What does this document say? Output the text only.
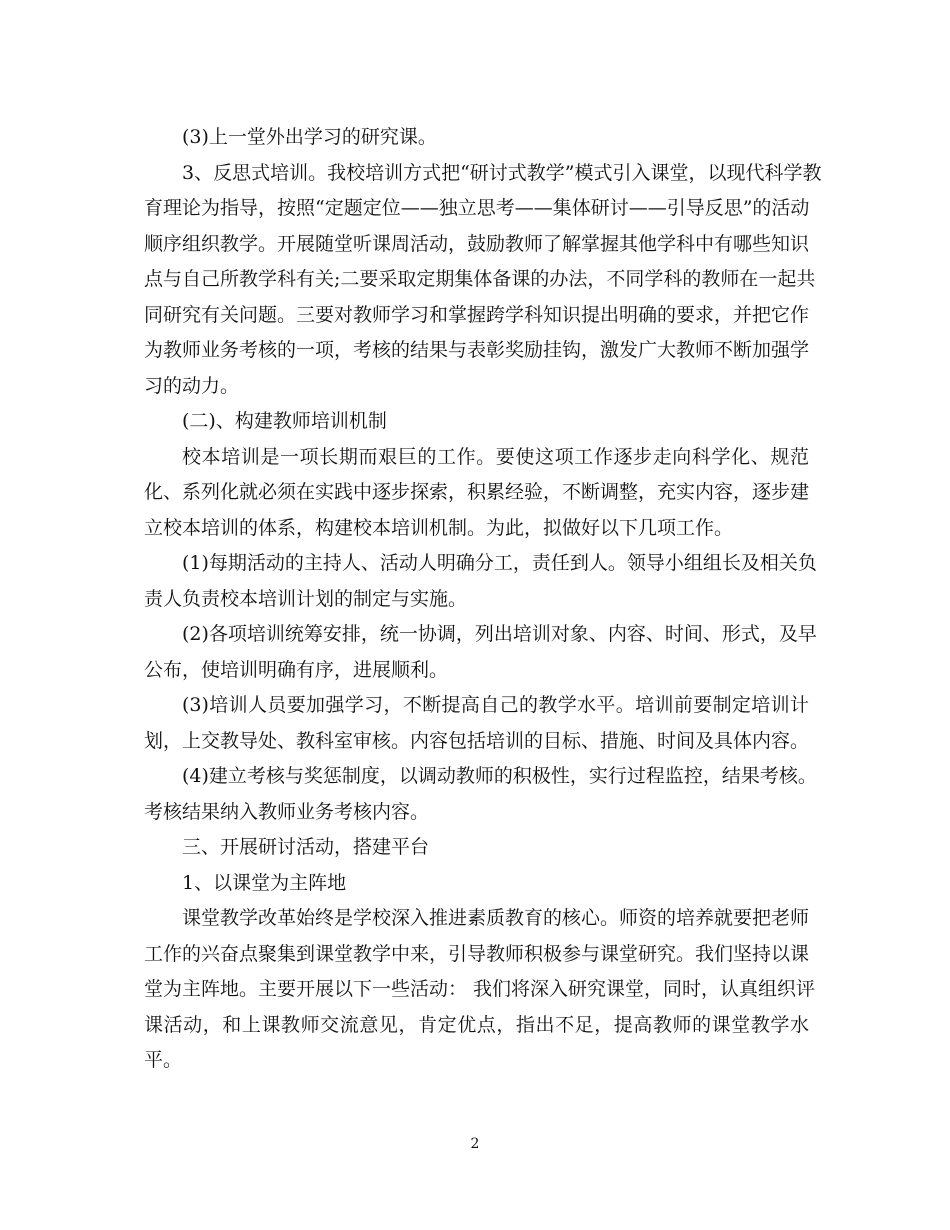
(3)上一堂外出学习的研究课。
3、反思式培训。我校培训方式把“研讨式教学”模式引入课堂，以现代科学教
育理论为指导，按照“定题定位——独立思考——集体研讨——引导反思”的活动
顺序组织教学。开展随堂听课周活动，鼓励教师了解掌握其他学科中有哪些知识
点与自己所教学科有关;二要采取定期集体备课的办法，不同学科的教师在一起共
同研究有关问题。三要对教师学习和掌握跨学科知识提出明确的要求，并把它作
为教师业务考核的一项，考核的结果与表彰奖励挂钩，激发广大教师不断加强学
习的动力。
(二)、构建教师培训机制
校本培训是一项长期而艰巨的工作。要使这项工作逐步走向科学化、规范
化、系列化就必须在实践中逐步探索，积累经验，不断调整，充实内容，逐步建
立校本培训的体系，构建校本培训机制。为此，拟做好以下几项工作。
(1)每期活动的主持人、活动人明确分工，责任到人。领导小组组长及相关负
责人负责校本培训计划的制定与实施。
(2)各项培训统筹安排，统一协调，列出培训对象、内容、时间、形式，及早
公布，使培训明确有序，进展顺利。
(3)培训人员要加强学习，不断提高自己的教学水平。培训前要制定培训计
划，上交教导处、教科室审核。内容包括培训的目标、措施、时间及具体内容。
(4)建立考核与奖惩制度，以调动教师的积极性，实行过程监控，结果考核。
考核结果纳入教师业务考核内容。
三、开展研讨活动，搭建平台
1、以课堂为主阵地
课堂教学改革始终是学校深入推进素质教育的核心。师资的培养就要把老师
工作的兴奋点聚集到课堂教学中来，引导教师积极参与课堂研究。我们坚持以课
堂为主阵地。主要开展以下一些活动： 我们将深入研究课堂，同时，认真组织评
课活动，和上课教师交流意见，肯定优点，指出不足，提高教师的课堂教学水
平。
2
